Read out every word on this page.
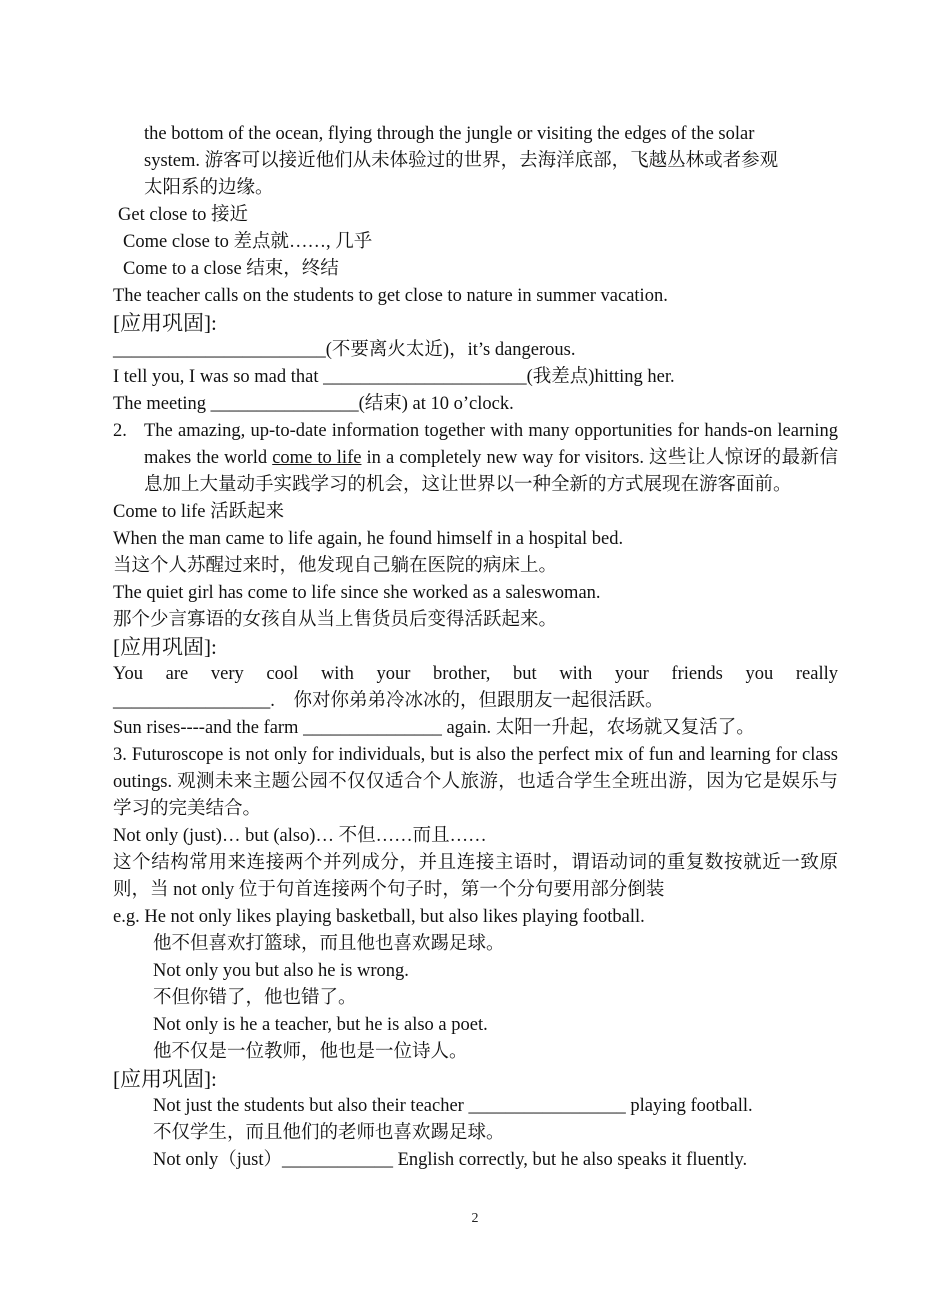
the bottom of the ocean, flying through the jungle or visiting the edges of the solar
system. 游客可以接近他们从未体验过的世界，去海洋底部，飞越丛林或者参观
太阳系的边缘。
Get close to 接近
Come close to 差点就……, 几乎
Come to a close 结束，终结
The teacher calls on the students to get close to nature in summer vacation.
[应用巩固]:
_______________________(不要离火太近)，it’s dangerous.
I tell you, I was so mad that ______________________(我差点)hitting her.
The meeting ________________(结束) at 10 o’clock.
2. The amazing, up-to-date information together with many opportunities for hands-on learning makes the world come to life in a completely new way for visitors. 这些让人惊讶的最新信息加上大量动手实践学习的机会，这让世界以一种全新的方式展现在游客面前。
Come to life 活跃起来
When the man came to life again, he found himself in a hospital bed.
当这个人苏醒过来时，他发现自己躺在医院的病床上。
The quiet girl has come to life since she worked as a saleswoman.
那个少言寡语的女孩自从当上售货员后变得活跃起来。
[应用巩固]:
You are very cool with your brother, but with your friends you really _________________. 你对你弟弟冷冰冰的，但跟朋友一起很活跃。
Sun rises----and the farm _______________ again. 太阳一升起，农场就又复活了。
3. Futuroscope is not only for individuals, but is also the perfect mix of fun and learning for class outings. 观测未来主题公园不仅仅适合个人旅游，也适合学生全班出游，因为它是娱乐与学习的完美结合。
Not only (just)… but (also)… 不但……而且……
这个结构常用来连接两个并列成分，并且连接主语时，谓语动词的重复数按就近一致原则，当 not only 位于句首连接两个句子时，第一个分句要用部分倒装
e.g. He not only likes playing basketball, but also likes playing football.
他不但喜欢打篮球，而且他也喜欢踢足球。
Not only you but also he is wrong.
不但你错了，他也错了。
Not only is he a teacher, but he is also a poet.
他不仅是一位教师，他也是一位诗人。
[应用巩固]:
Not just the students but also their teacher _________________ playing football.
不仅学生，而且他们的老师也喜欢踢足球。
Not only（just）____________ English correctly, but he also speaks it fluently.
2
